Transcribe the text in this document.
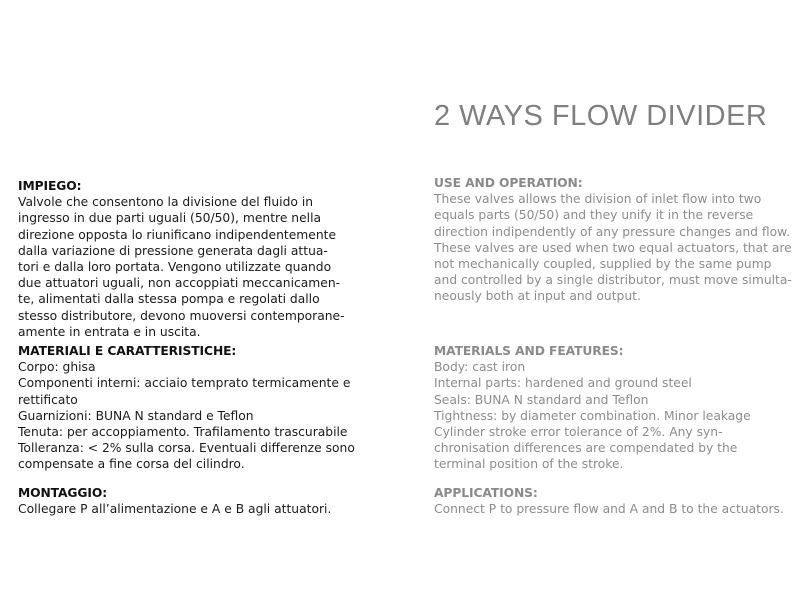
2 WAYS FLOW DIVIDER
IMPIEGO:
Valvole che consentono la divisione del fluido in
ingresso in due parti uguali (50/50), mentre nella
direzione opposta lo riunificano indipendentemente
dalla variazione di pressione generata dagli attua-
tori e dalla loro portata. Vengono utilizzate quando
due attuatori uguali, non accoppiati meccanicamen-
te, alimentati dalla stessa pompa e regolati dallo
stesso distributore, devono muoversi contemporane-
amente in entrata e in uscita.
MATERIALI E CARATTERISTICHE:
Corpo: ghisa
Componenti interni: acciaio temprato termicamente e
rettificato
Guarnizioni: BUNA N standard e Teflon
Tenuta: per accoppiamento. Trafilamento trascurabile
Tolleranza: < 2% sulla corsa. Eventuali differenze sono
compensate a fine corsa del cilindro.
MONTAGGIO:
Collegare P all’alimentazione e A e B agli attuatori.
USE AND OPERATION:
These valves allows the division of inlet flow into two
equals parts (50/50) and they unify it in the reverse
direction indipendently of any pressure changes and flow.
These valves are used when two equal actuators, that are
not mechanically coupled, supplied by the same pump
and controlled by a single distributor, must move simulta-
neously both at input and output.
MATERIALS AND FEATURES:
Body: cast iron
Internal parts: hardened and ground steel
Seals: BUNA N standard and Teflon
Tightness: by diameter combination. Minor leakage
Cylinder stroke error tolerance of 2%. Any syn-
chronisation differences are compendated by the
terminal position of the stroke.
APPLICATIONS:
Connect P to pressure flow and A and B to the actuators.
